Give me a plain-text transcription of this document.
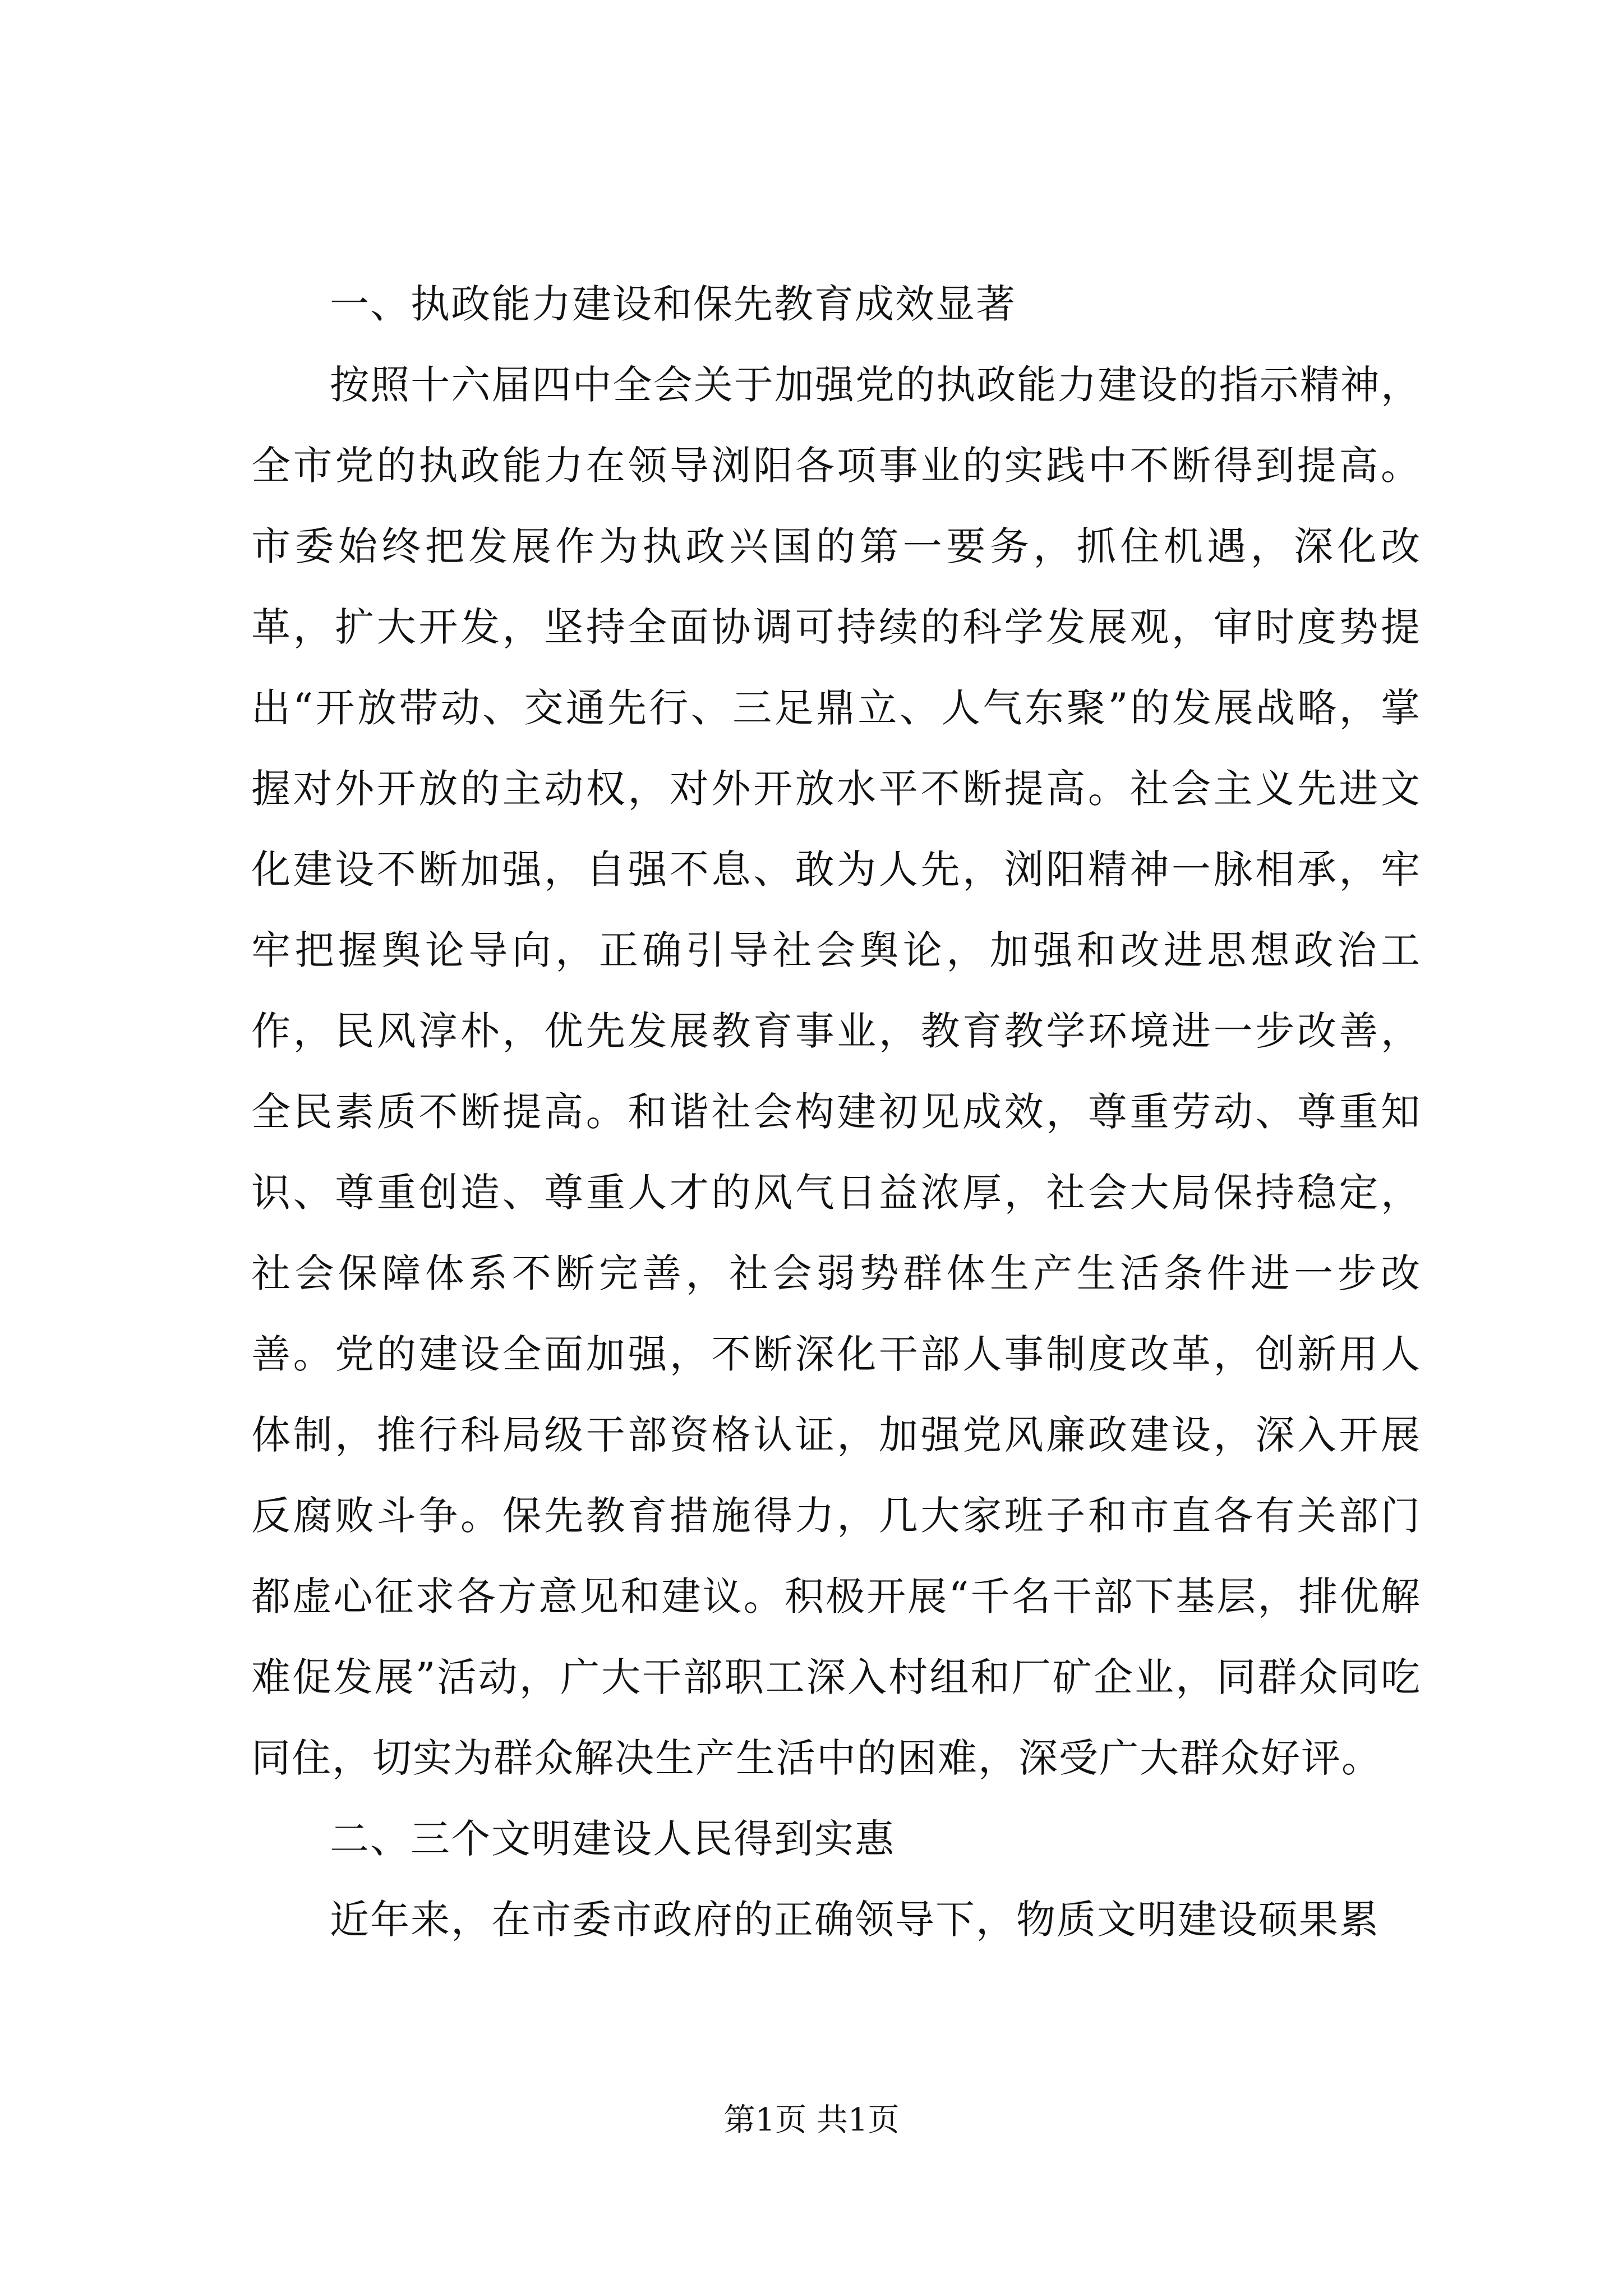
一、执政能力建设和保先教育成效显著

按照十六届四中全会关于加强党的执政能力建设的指示精神，全市党的执政能力在领导浏阳各项事业的实践中不断得到提高。市委始终把发展作为执政兴国的第一要务，抓住机遇，深化改革，扩大开发，坚持全面协调可持续的科学发展观，审时度势提出“开放带动、交通先行、三足鼎立、人气东聚”的发展战略，掌握对外开放的主动权，对外开放水平不断提高。社会主义先进文化建设不断加强，自强不息、敢为人先，浏阳精神一脉相承，牢牢把握舆论导向，正确引导社会舆论，加强和改进思想政治工作，民风淳朴，优先发展教育事业，教育教学环境进一步改善，全民素质不断提高。和谐社会构建初见成效，尊重劳动、尊重知识、尊重创造、尊重人才的风气日益浓厚，社会大局保持稳定，社会保障体系不断完善，社会弱势群体生产生活条件进一步改善。党的建设全面加强，不断深化干部人事制度改革，创新用人体制，推行科局级干部资格认证，加强党风廉政建设，深入开展反腐败斗争。保先教育措施得力，几大家班子和市直各有关部门都虚心征求各方意见和建议。积极开展“千名干部下基层，排优解难促发展”活动，广大干部职工深入村组和厂矿企业，同群众同吃同住，切实为群众解决生产生活中的困难，深受广大群众好评。

二、三个文明建设人民得到实惠

近年来，在市委市政府的正确领导下，物质文明建设硕果累

第1页 共1页
